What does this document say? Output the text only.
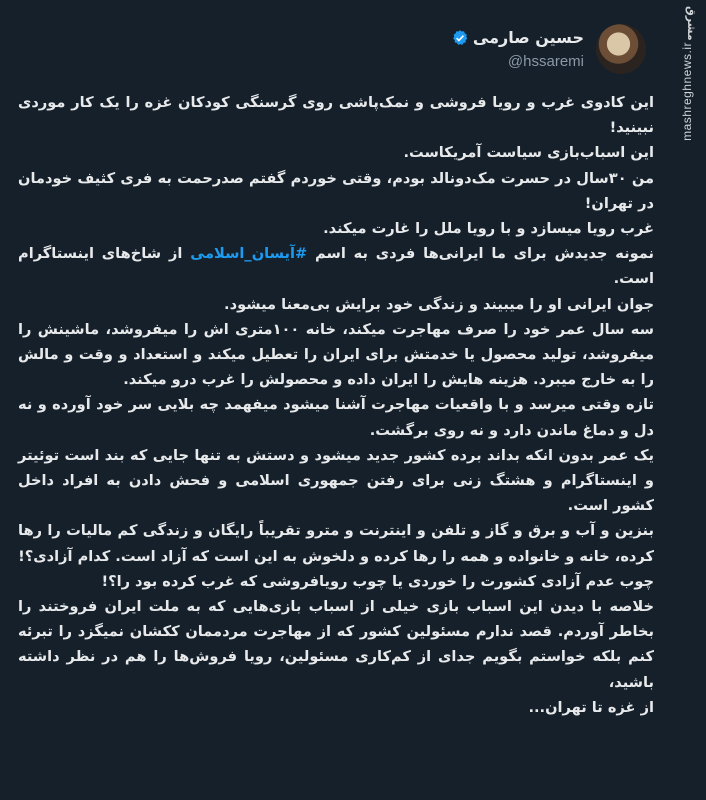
حسین صارمی
@hssaremi

این کادوی غرب و رویا فروشی و نمک‌پاشی روی گرسنگی کودکان غزه را یک کار موردی نبینید!

این اسباب‌بازی سیاست آمریکاست.

من ۳۰سال در حسرت مک‌دونالد بودم، وقتی خوردم گفتم صدرحمت به فری کثیف خودمان در تهران!

غرب رویا میسازد و با رویا ملل را غارت میکند.

نمونه جدیدش برای ما ایرانی‌ها فردی به اسم #آیسان_اسلامی از شاخ‌های اینستاگرام است.

جوان ایرانی او را میبیند و زندگی خود برایش بی‌معنا میشود.

سه سال عمر خود را صرف مهاجرت میکند، خانه ۱۰۰متری اش را میفروشد، ماشینش را میفروشد، تولید محصول یا خدمتش برای ایران را تعطیل میکند و استعداد و وقت و مالش را به خارج میبرد. هزینه هایش را ایران داده و محصولش را غرب درو میکند.

تازه وقتی میرسد و با واقعیات مهاجرت آشنا میشود میفهمد چه بلایی سر خود آورده و نه دل و دماغ ماندن دارد و نه روی برگشت.

یک عمر بدون انکه بداند برده کشور جدید میشود و دستش به تنها جایی که بند است توئیتر و اینستاگرام و هشتگ زنی برای رفتن جمهوری اسلامی و فحش دادن به افراد داخل کشور است.

بنزین و آب و برق و گاز و تلفن و اینترنت و مترو تقریباً رایگان و زندگی کم مالیات را رها کرده، خانه و خانواده و همه را رها کرده و دلخوش به این است که آزاد است. کدام آزادی؟!

چوب عدم آزادی کشورت را خوردی یا چوب رویافروشی که غرب کرده بود را؟!

خلاصه با دیدن این اسباب بازی خیلی از اسباب بازی‌هایی که به ملت ایران فروختند را بخاطر آوردم. قصد ندارم مسئولین کشور که از مهاجرت مردممان ککشان نمیگزد را تبرئه کنم بلکه خواستم بگویم جدای از کم‌کاری مسئولین، رویا فروش‌ها را هم در نظر داشته باشید،

از غزه تا تهران...

مشرق
mashreghnews.ir
